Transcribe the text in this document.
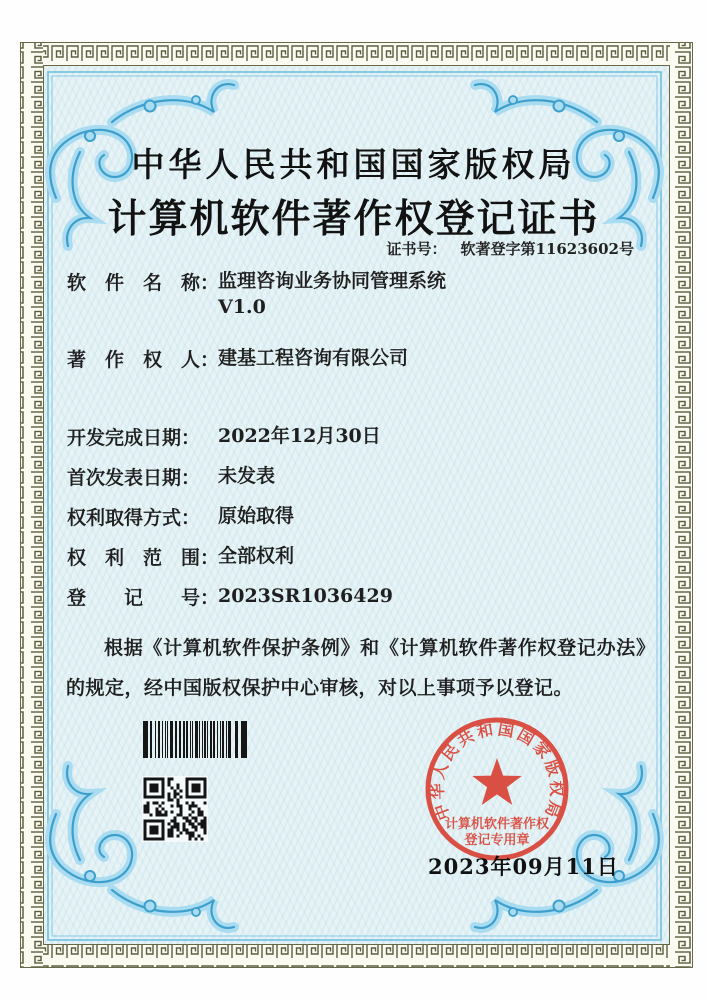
中华人民共和国国家版权局
计算机软件著作权登记证书
证书号： 软著登字第11623602号
软　件　名　称：
监理咨询业务协同管理系统
V1.0
著　作　权　人：
建基工程咨询有限公司
开发完成日期： 2022年12月30日
首次发表日期： 未发表
权利取得方式： 原始取得
权　利　范　围：
全部权利
登　　记　　号：
2023SR1036429
根据《计算机软件保护条例》和《计算机软件著作权登记办法》的规定，经中国版权保护中心审核，对以上事项予以登记。
中华人民共和国国家版权局
计算机软件著作权
登记专用章
2023年09月11日
